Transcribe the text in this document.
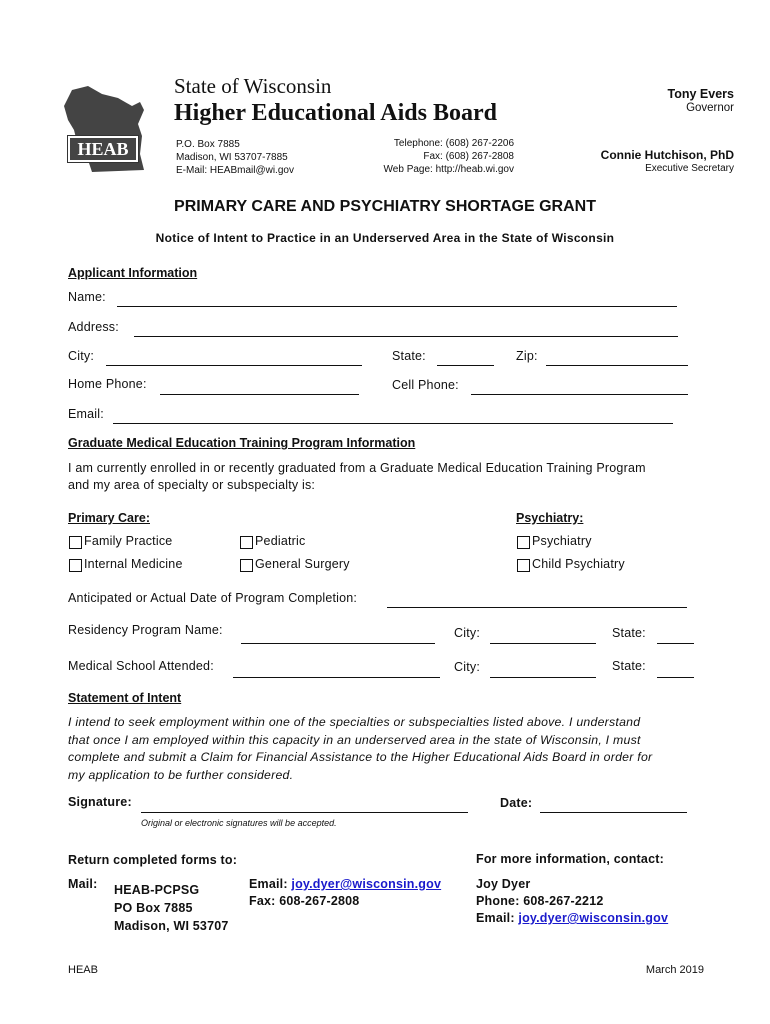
HEAB
State of Wisconsin
Higher Educational Aids Board
P.O. Box 7885
Madison, WI 53707-7885
E-Mail: HEABmail@wi.gov
Telephone: (608) 267-2206
Fax: (608) 267-2808
Web Page: http://heab.wi.gov
Tony Evers
Governor
Connie Hutchison, PhD
Executive Secretary
PRIMARY CARE AND PSYCHIATRY SHORTAGE GRANT
Notice of Intent to Practice in an Underserved Area in the State of Wisconsin
Applicant Information
Name:
Address:
City:	State:	Zip:
Home Phone:	Cell Phone:
Email:
Graduate Medical Education Training Program Information
I am currently enrolled in or recently graduated from a Graduate Medical Education Training Program
and my area of specialty or subspecialty is:
Primary Care:	Psychiatry:
Family Practice	Pediatric	Psychiatry
Internal Medicine	General Surgery	Child Psychiatry
Anticipated or Actual Date of Program Completion:
Residency Program Name:	City:	State:
Medical School Attended:	City:	State:
Statement of Intent
I intend to seek employment within one of the specialties or subspecialties listed above. I understand
that once I am employed within this capacity in an underserved area in the state of Wisconsin, I must
complete and submit a Claim for Financial Assistance to the Higher Educational Aids Board in order for
my application to be further considered.
Signature:	Date:
Original or electronic signatures will be accepted.
Return completed forms to:	For more information, contact:
Mail: HEAB-PCPSG
PO Box 7885
Madison, WI 53707
Email: joy.dyer@wisconsin.gov
Fax: 608-267-2808
Joy Dyer
Phone: 608-267-2212
Email: joy.dyer@wisconsin.gov
HEAB	March 2019
